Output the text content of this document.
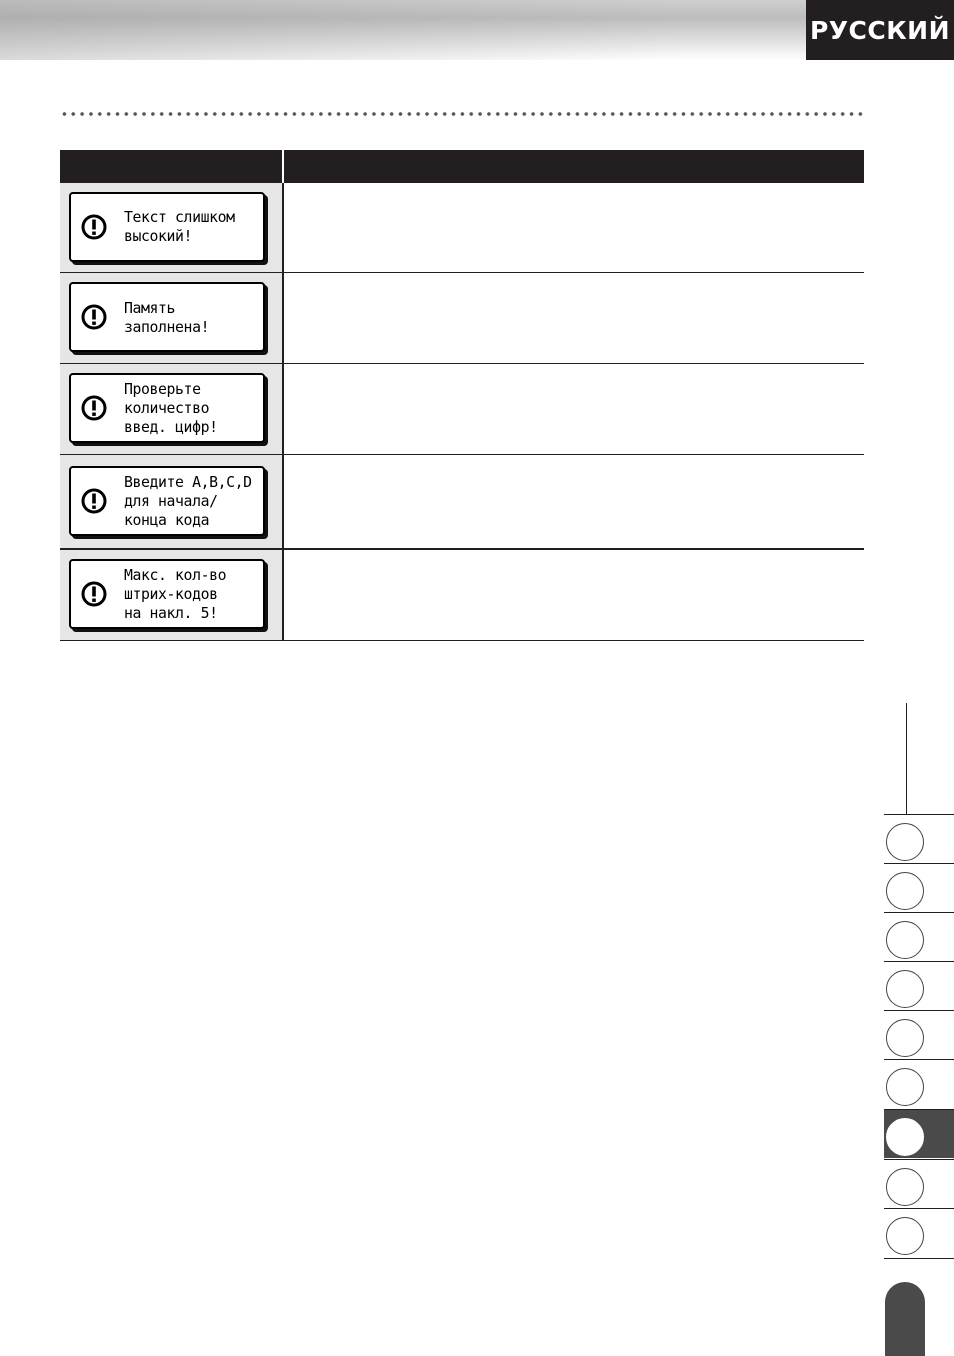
РУССКИЙ
Текст слишком
высокий!
Память
заполнена!
Проверьте
количество
введ. цифр!
Введите A,B,C,D
для начала/
конца кода
Макс. кол-во
штрих-кодов
на накл. 5!
